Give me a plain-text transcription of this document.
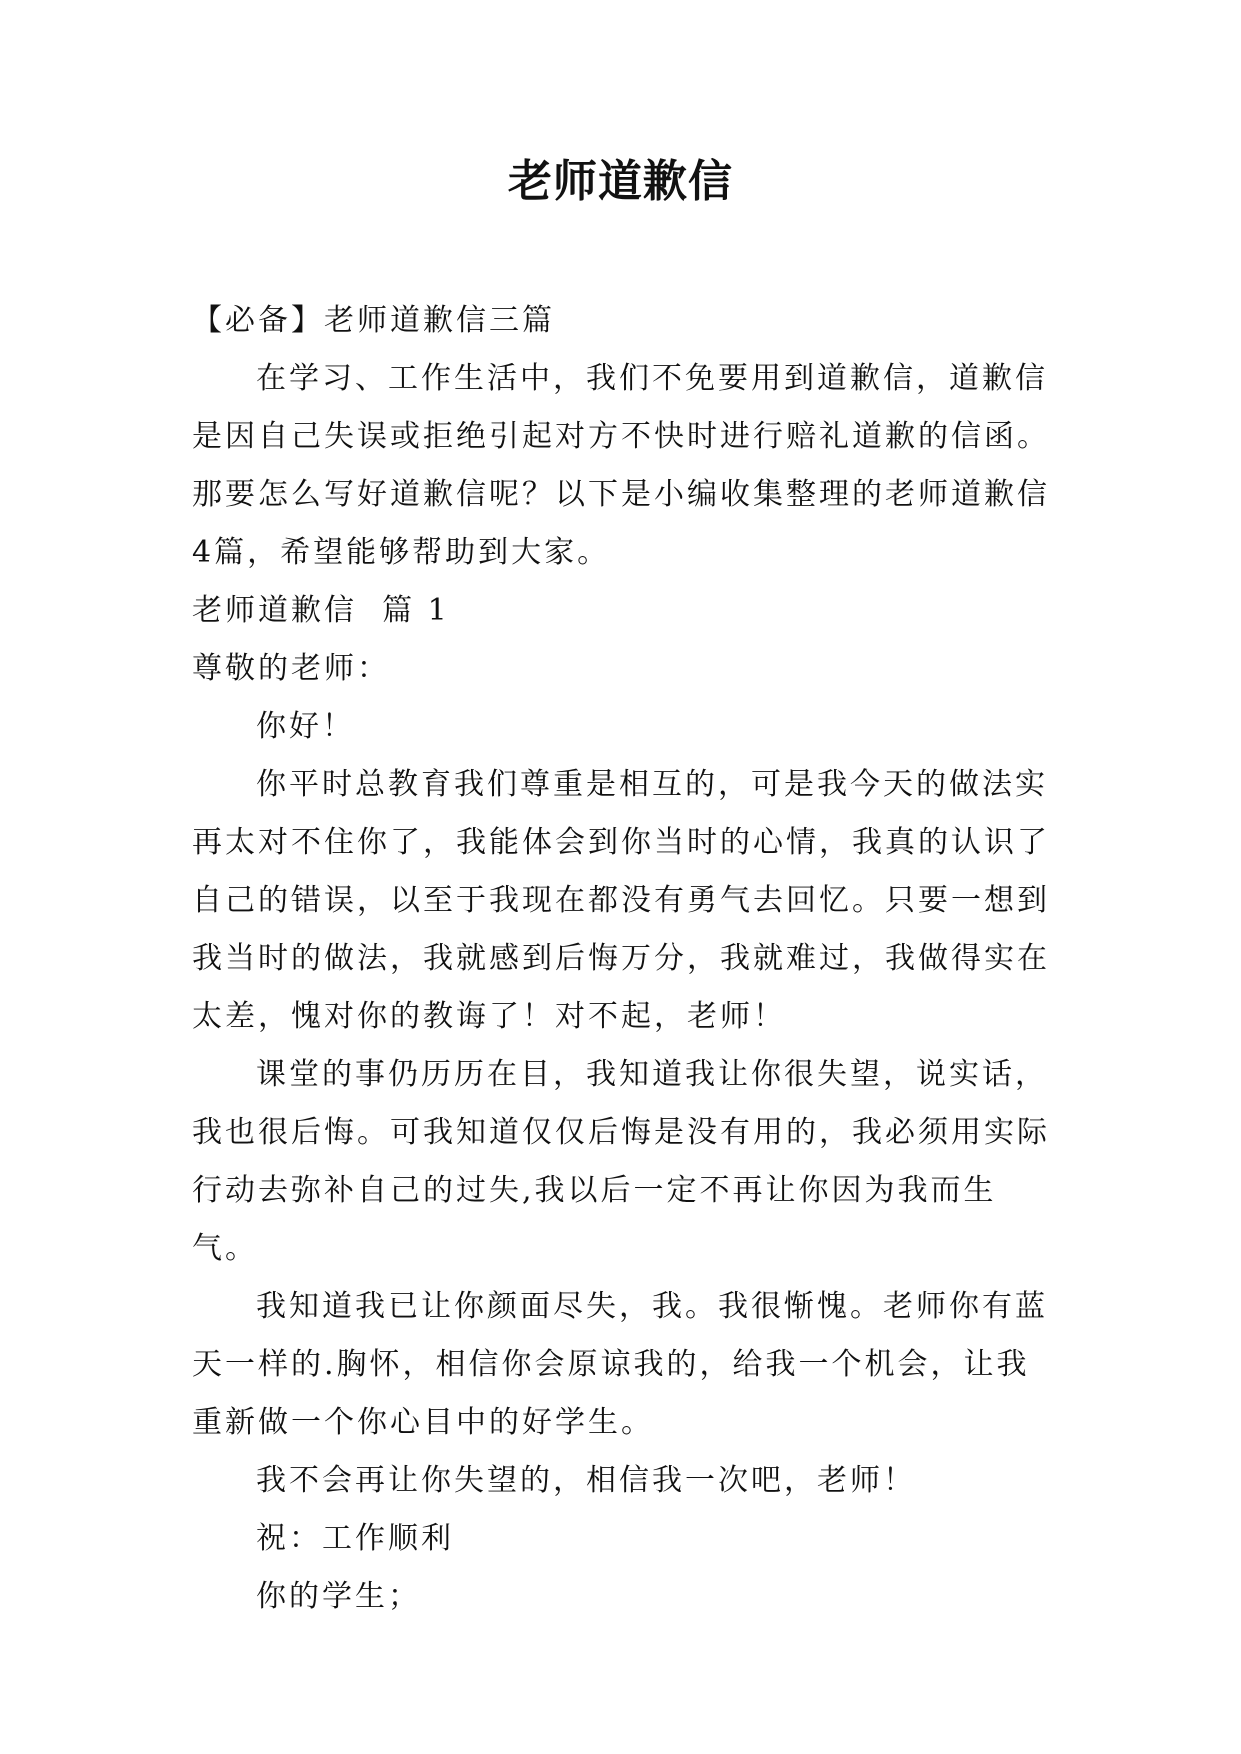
老师道歉信

【必备】老师道歉信三篇

在学习、工作生活中，我们不免要用到道歉信，道歉信是因自己失误或拒绝引起对方不快时进行赔礼道歉的信函。那要怎么写好道歉信呢？以下是小编收集整理的老师道歉信4篇，希望能够帮助到大家。

老师道歉信  篇 1

尊敬的老师：

你好！

你平时总教育我们尊重是相互的，可是我今天的做法实再太对不住你了，我能体会到你当时的心情，我真的认识了自己的错误，以至于我现在都没有勇气去回忆。只要一想到我当时的做法，我就感到后悔万分，我就难过，我做得实在太差，愧对你的教诲了！对不起，老师！

课堂的事仍历历在目，我知道我让你很失望，说实话，我也很后悔。可我知道仅仅后悔是没有用的，我必须用实际行动去弥补自己的过失,我以后一定不再让你因为我而生气。

我知道我已让你颜面尽失，我。我很惭愧。老师你有蓝天一样的.胸怀，相信你会原谅我的，给我一个机会，让我重新做一个你心目中的好学生。

我不会再让你失望的，相信我一次吧，老师！

祝：工作顺利

你的学生；
